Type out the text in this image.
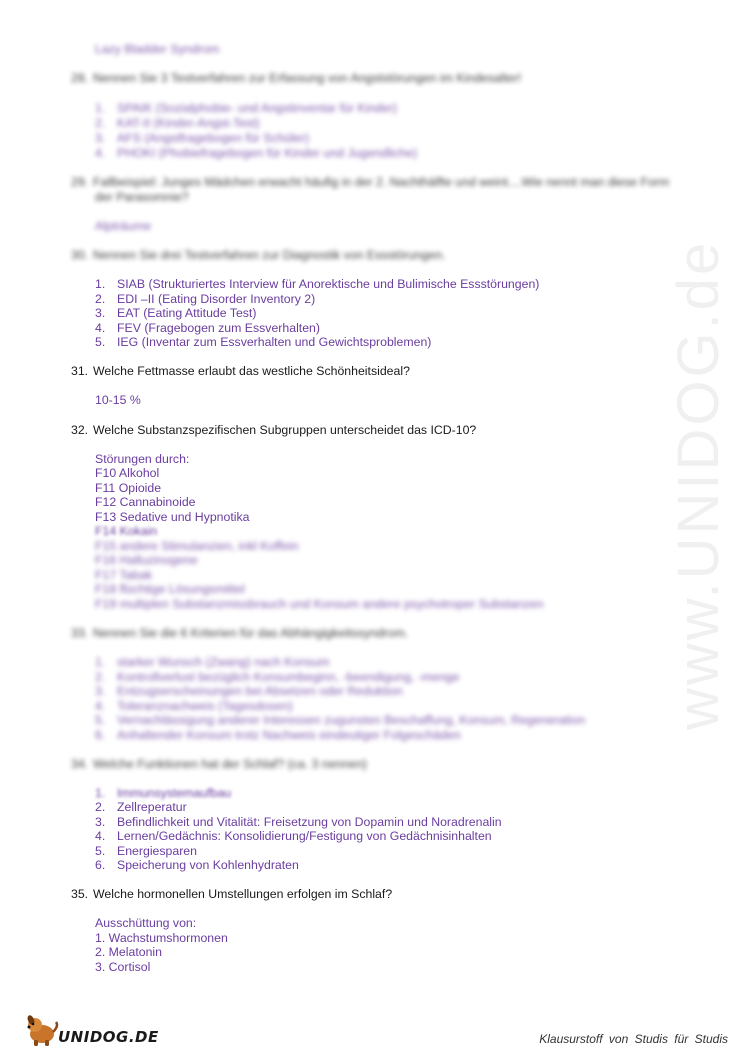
www.UNIDOG.de
Lazy Bladder Syndrom
28. Nennen Sie 3 Testverfahren zur Erfassung von Angststörungen im Kindesalter!
1. SPAIK (Sozialphobie- und Angstinventar für Kinder)
2. KAT-II (Kinder-Angst-Test)
3. AFS (Angstfragebogen für Schüler)
4. PHOKI (Phobiefragebogen für Kinder und Jugendliche)
29. Fallbeispiel: Junges Mädchen erwacht häufig in der 2. Nachthälfte und weint....Wie nennt man diese Form
der Parasomnie?
Alpträume
30. Nennen Sie drei Testverfahren zur Diagnostik von Essstörungen.
1. SIAB (Strukturiertes Interview für Anorektische und Bulimische Essstörungen)
2. EDI –II (Eating Disorder Inventory 2)
3. EAT (Eating Attitude Test)
4. FEV (Fragebogen zum Essverhalten)
5. IEG (Inventar zum Essverhalten und Gewichtsproblemen)
31. Welche Fettmasse erlaubt das westliche Schönheitsideal?
10-15 %
32. Welche Substanzspezifischen Subgruppen unterscheidet das ICD-10?
Störungen durch:
F10 Alkohol
F11 Opioide
F12 Cannabinoide
F13 Sedative und Hypnotika
F14 Kokain
F15 andere Stimulanzien, inkl Koffein
F16 Halluzinogene
F17 Tabak
F18 flüchtige Lösungsmittel
F19 multiplen Substanzmissbrauch und Konsum andere psychotroper Substanzen
33. Nennen Sie die 6 Kriterien für das Abhängigkeitssyndrom.
1. starker Wunsch (Zwang) nach Konsum
2. Kontrollverlust bezüglich Konsumbeginn, -beendigung, -menge
3. Entzugserscheinungen bei Absetzen oder Reduktion
4. Toleranznachweis (Tagesdosen)
5. Vernachlässigung anderer Interessen zugunsten Beschaffung, Konsum, Regeneration
6. Anhaltender Konsum trotz Nachweis eindeutiger Folgeschäden
34. Welche Funktionen hat der Schlaf? (ca. 3 nennen)
1. Immunsystemaufbau
2. Zellreperatur
3. Befindlichkeit und Vitalität: Freisetzung von Dopamin und Noradrenalin
4. Lernen/Gedächnis: Konsolidierung/Festigung von Gedächnisinhalten
5. Energiesparen
6. Speicherung von Kohlenhydraten
35. Welche hormonellen Umstellungen erfolgen im Schlaf?
Ausschüttung von:
1. Wachstumshormonen
2. Melatonin
3. Cortisol
UNIDOG.DE	Klausurstoff von Studis für Studis
